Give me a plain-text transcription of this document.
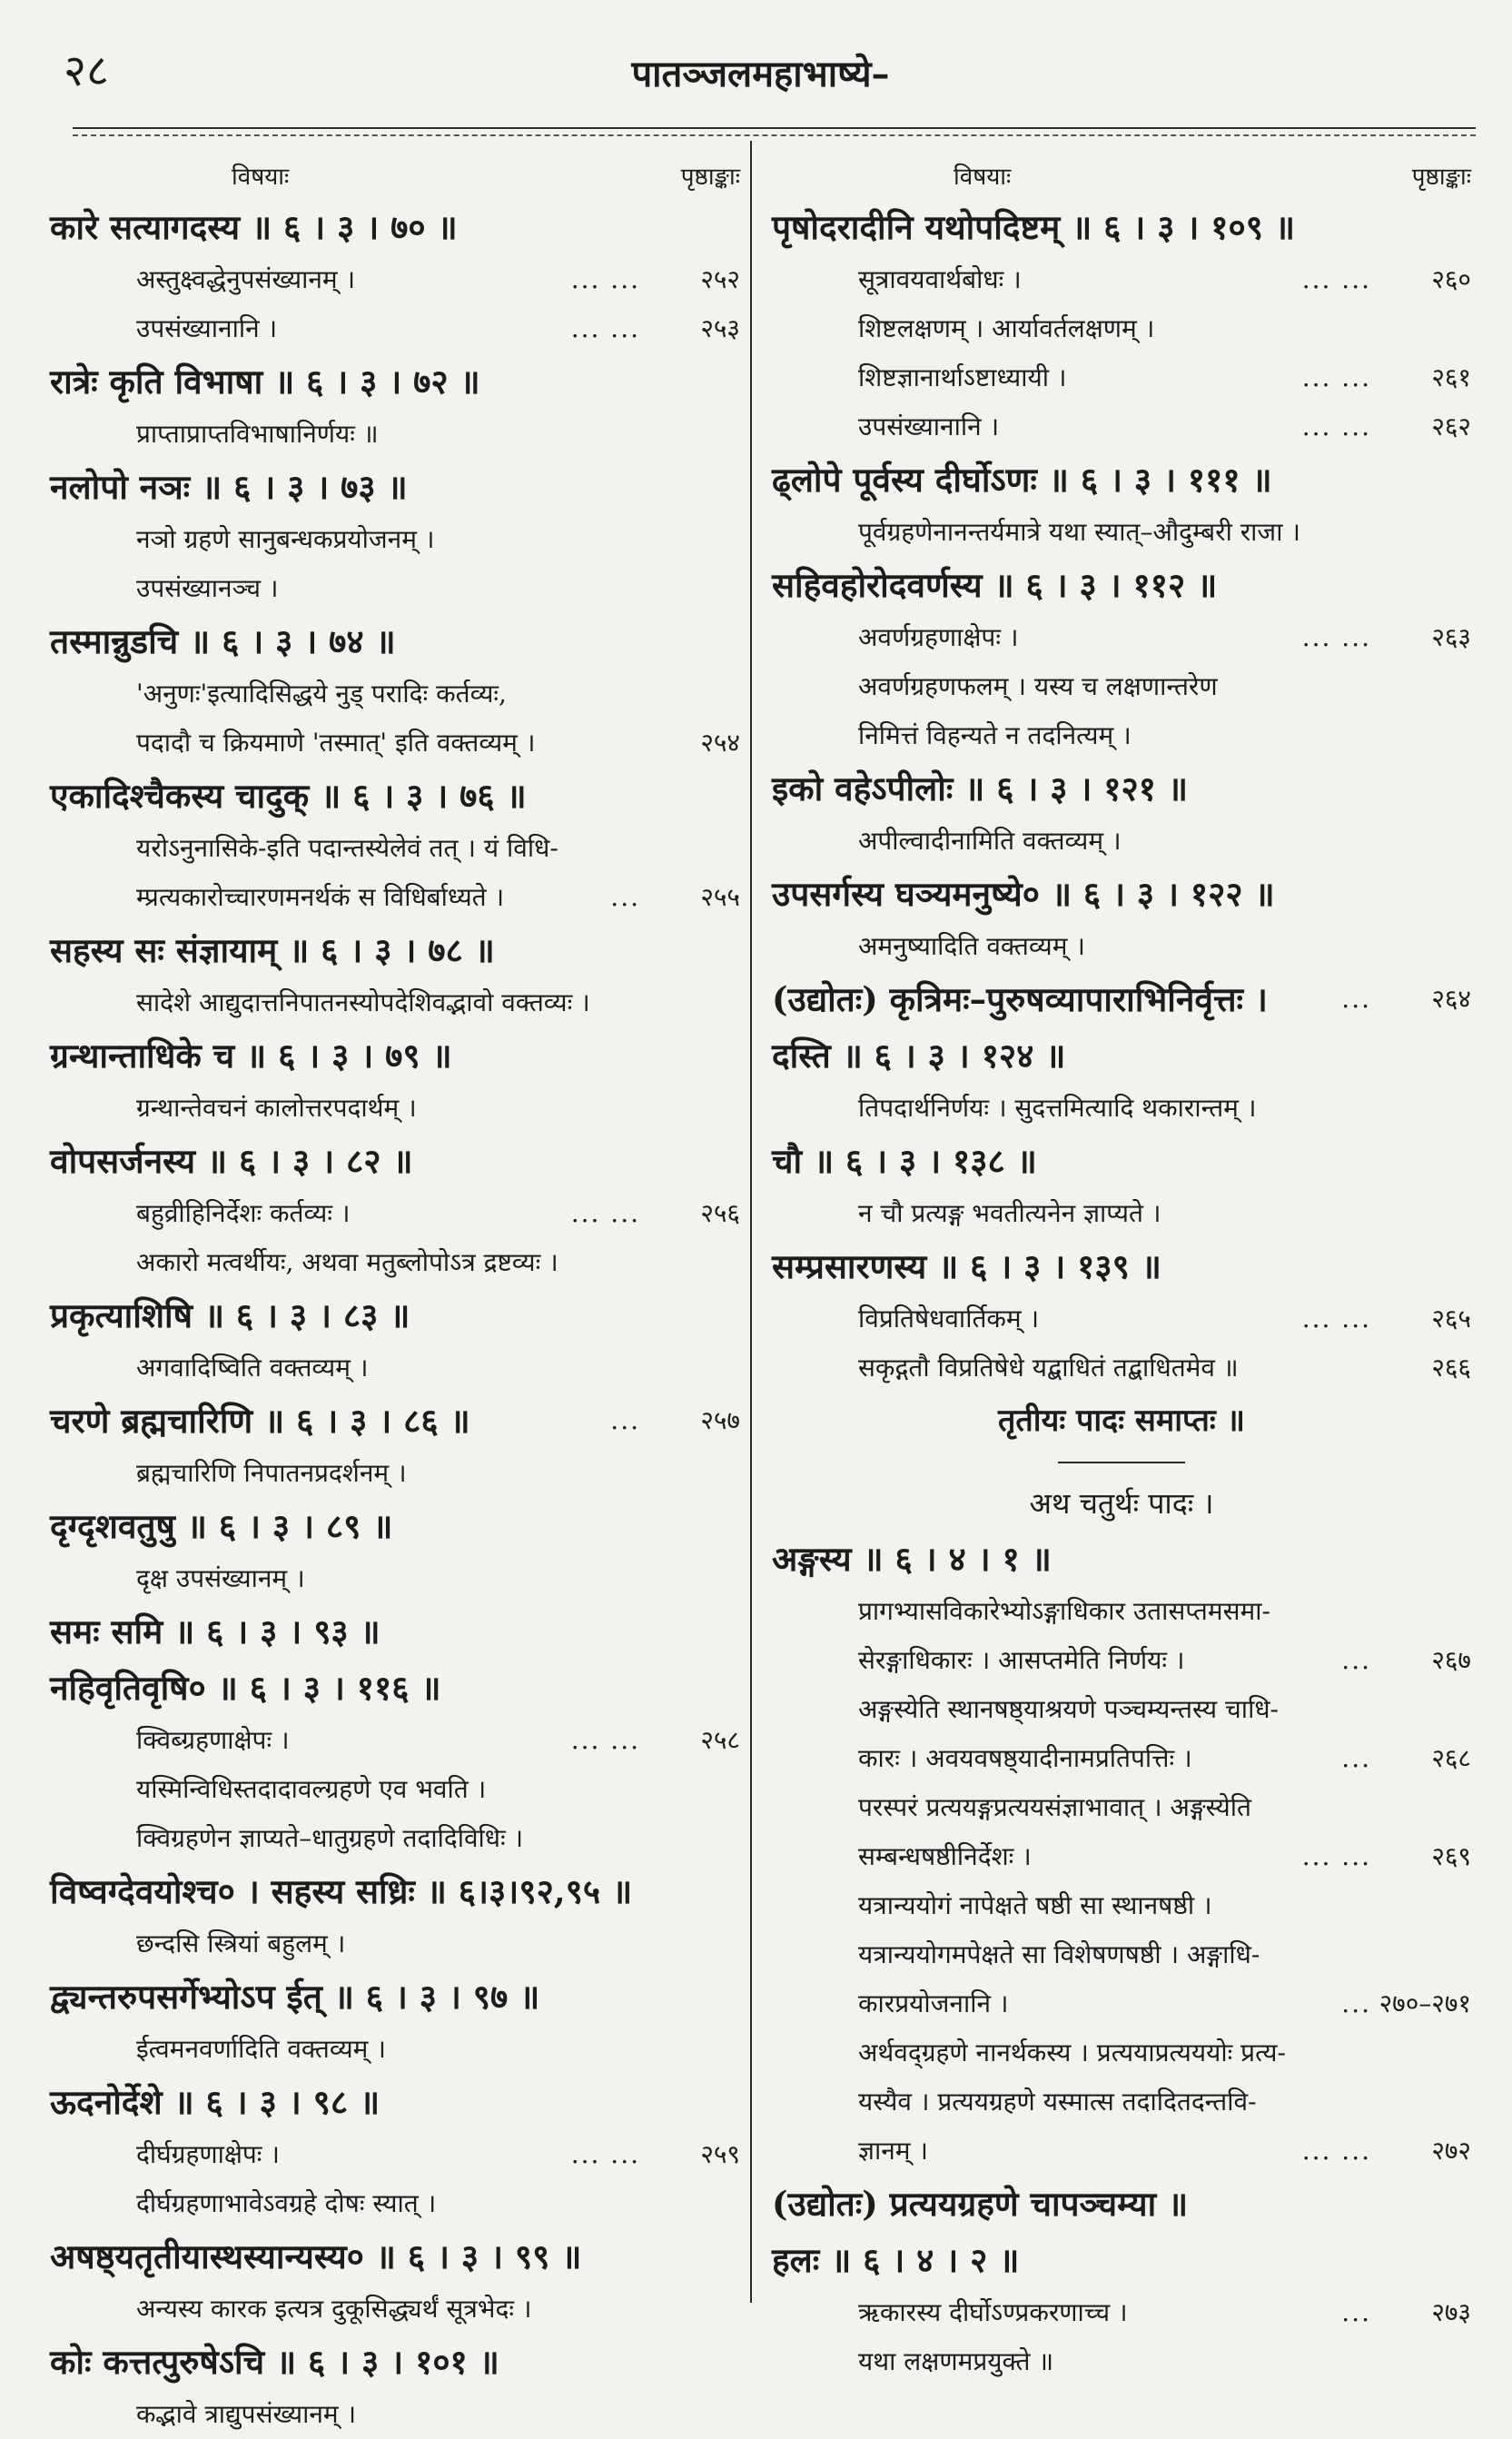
२८	पातञ्जलमहाभाष्ये–
विषयाः	पृष्ठाङ्काः
कारे सत्यागदस्य ॥ ६ । ३ । ७० ॥
अस्तुक्ष्वद्धेनुपसंख्यानम् ।	... ... २५२
उपसंख्यानानि ।	... ... २५३
रात्रेः कृति विभाषा ॥ ६ । ३ । ७२ ॥
प्राप्ताप्राप्तविभाषानिर्णयः ॥
नलोपो नञः ॥ ६ । ३ । ७३ ॥
नञो ग्रहणे सानुबन्धकप्रयोजनम् ।
उपसंख्यानञ्च ।
तस्मान्नुडचि ॥ ६ । ३ । ७४ ॥
'अनुणः'इत्यादिसिद्धये नुड् परादिः कर्तव्यः,
पदादौ च क्रियमाणे 'तस्मात्' इति वक्तव्यम् ।	२५४
एकादिश्चैकस्य चादुक् ॥ ६ । ३ । ७६ ॥
यरोऽनुनासिके-इति पदान्तस्येलेवं तत् । यं विधि-
म्प्रत्यकारोच्चारणमनर्थकं स विधिर्बाध्यते ।	... २५५
सहस्य सः संज्ञायाम् ॥ ६ । ३ । ७८ ॥
सादेशे आद्युदात्तनिपातनस्योपदेशिवद्भावो वक्तव्यः ।
ग्रन्थान्ताधिके च ॥ ६ । ३ । ७९ ॥
ग्रन्थान्तेवचनं कालोत्तरपदार्थम् ।
वोपसर्जनस्य ॥ ६ । ३ । ८२ ॥
बहुव्रीहिनिर्देशः कर्तव्यः ।	... ... २५६
अकारो मत्वर्थीयः, अथवा मतुब्लोपोऽत्र द्रष्टव्यः ।
प्रकृत्याशिषि ॥ ६ । ३ । ८३ ॥
अगवादिष्विति वक्तव्यम् ।
चरणे ब्रह्मचारिणि ॥ ६ । ३ । ८६ ॥	... २५७
ब्रह्मचारिणि निपातनप्रदर्शनम् ।
दृग्दृशवतुषु ॥ ६ । ३ । ८९ ॥
दृक्ष उपसंख्यानम् ।
समः समि ॥ ६ । ३ । ९३ ॥
नहिवृतिवृषि० ॥ ६ । ३ । ११६ ॥
क्विब्ग्रहणाक्षेपः ।	... ... २५८
यस्मिन्विधिस्तदादावल्ग्रहणे एव भवति ।
क्विग्रहणेन ज्ञाप्यते–धातुग्रहणे तदादिविधिः ।
विष्वग्देवयोश्च० । सहस्य सध्रिः ॥ ६।३।९२,९५ ॥
छन्दसि स्त्रियां बहुलम् ।
द्व्यन्तरुपसर्गेभ्योऽप ईत् ॥ ६ । ३ । ९७ ॥
ईत्वमनवर्णादिति वक्तव्यम् ।
ऊदनोर्देशे ॥ ६ । ३ । ९८ ॥
दीर्घग्रहणाक्षेपः ।	... ... २५९
दीर्घग्रहणाभावेऽवग्रहे दोषः स्यात् ।
अषष्ठ्यतृतीयास्थस्यान्यस्य० ॥ ६ । ३ । ९९ ॥
अन्यस्य कारक इत्यत्र दुकूसिद्ध्यर्थं सूत्रभेदः ।
कोः कत्तत्पुरुषेऽचि ॥ ६ । ३ । १०१ ॥
कद्भावे त्राद्युपसंख्यानम् ।
विषयाः	पृष्ठाङ्काः
पृषोदरादीनि यथोपदिष्टम् ॥ ६ । ३ । १०९ ॥
सूत्रावयवार्थबोधः ।	... ... २६०
शिष्टलक्षणम् । आर्यावर्तलक्षणम् ।
शिष्टज्ञानार्थाऽष्टाध्यायी ।	... ... २६१
उपसंख्यानानि ।	... ... २६२
ढ्लोपे पूर्वस्य दीर्घोऽणः ॥ ६ । ३ । १११ ॥
पूर्वग्रहणेनानन्तर्यमात्रे यथा स्यात्–औदुम्बरी राजा ।
सहिवहोरोदवर्णस्य ॥ ६ । ३ । ११२ ॥
अवर्णग्रहणाक्षेपः ।	... ... २६३
अवर्णग्रहणफलम् । यस्य च लक्षणान्तरेण
निमित्तं विहन्यते न तदनित्यम् ।
इको वहेऽपीलोः ॥ ६ । ३ । १२१ ॥
अपील्वादीनामिति वक्तव्यम् ।
उपसर्गस्य घञ्यमनुष्ये० ॥ ६ । ३ । १२२ ॥
अमनुष्यादिति वक्तव्यम् ।
(उद्योतः) कृत्रिमः–पुरुषव्यापाराभिनिर्वृत्तः ।	... २६४
दस्ति ॥ ६ । ३ । १२४ ॥
तिपदार्थनिर्णयः । सुदत्तमित्यादि थकारान्तम् ।
चौ ॥ ६ । ३ । १३८ ॥
न चौ प्रत्यङ्ग भवतीत्यनेन ज्ञाप्यते ।
सम्प्रसारणस्य ॥ ६ । ३ । १३९ ॥
विप्रतिषेधवार्तिकम् ।	... ... २६५
सकृद्गतौ विप्रतिषेधे यद्बाधितं तद्बाधितमेव ॥	२६६
तृतीयः पादः समाप्तः ॥
अथ चतुर्थः पादः ।
अङ्गस्य ॥ ६ । ४ । १ ॥
प्रागभ्यासविकारेभ्योऽङ्गाधिकार उतासप्तमसमा-
सेरङ्गाधिकारः । आसप्तमेति निर्णयः ।	... २६७
अङ्गस्येति स्थानषष्ठ्याश्रयणे पञ्चम्यन्तस्य चाधि-
कारः । अवयवषष्ठ्यादीनामप्रतिपत्तिः ।	... २६८
परस्परं प्रत्ययङ्गप्रत्ययसंज्ञाभावात् । अङ्गस्येति
सम्बन्धषष्ठीनिर्देशः ।	... ... २६९
यत्रान्ययोगं नापेक्षते षष्ठी सा स्थानषष्ठी ।
यत्रान्ययोगमपेक्षते सा विशेषणषष्ठी । अङ्गाधि-
कारप्रयोजनानि ।	... २७०–२७१
अर्थवद्ग्रहणे नानर्थकस्य । प्रत्ययाप्रत्यययोः प्रत्य-
यस्यैव । प्रत्ययग्रहणे यस्मात्स तदादितदन्तवि-
ज्ञानम् ।	... ... २७२
(उद्योतः) प्रत्ययग्रहणे चापञ्चम्या ॥
हलः ॥ ६ । ४ । २ ॥
ऋकारस्य दीर्घोऽण्प्रकरणाच्च ।	... २७३
यथा लक्षणमप्रयुक्ते ॥
